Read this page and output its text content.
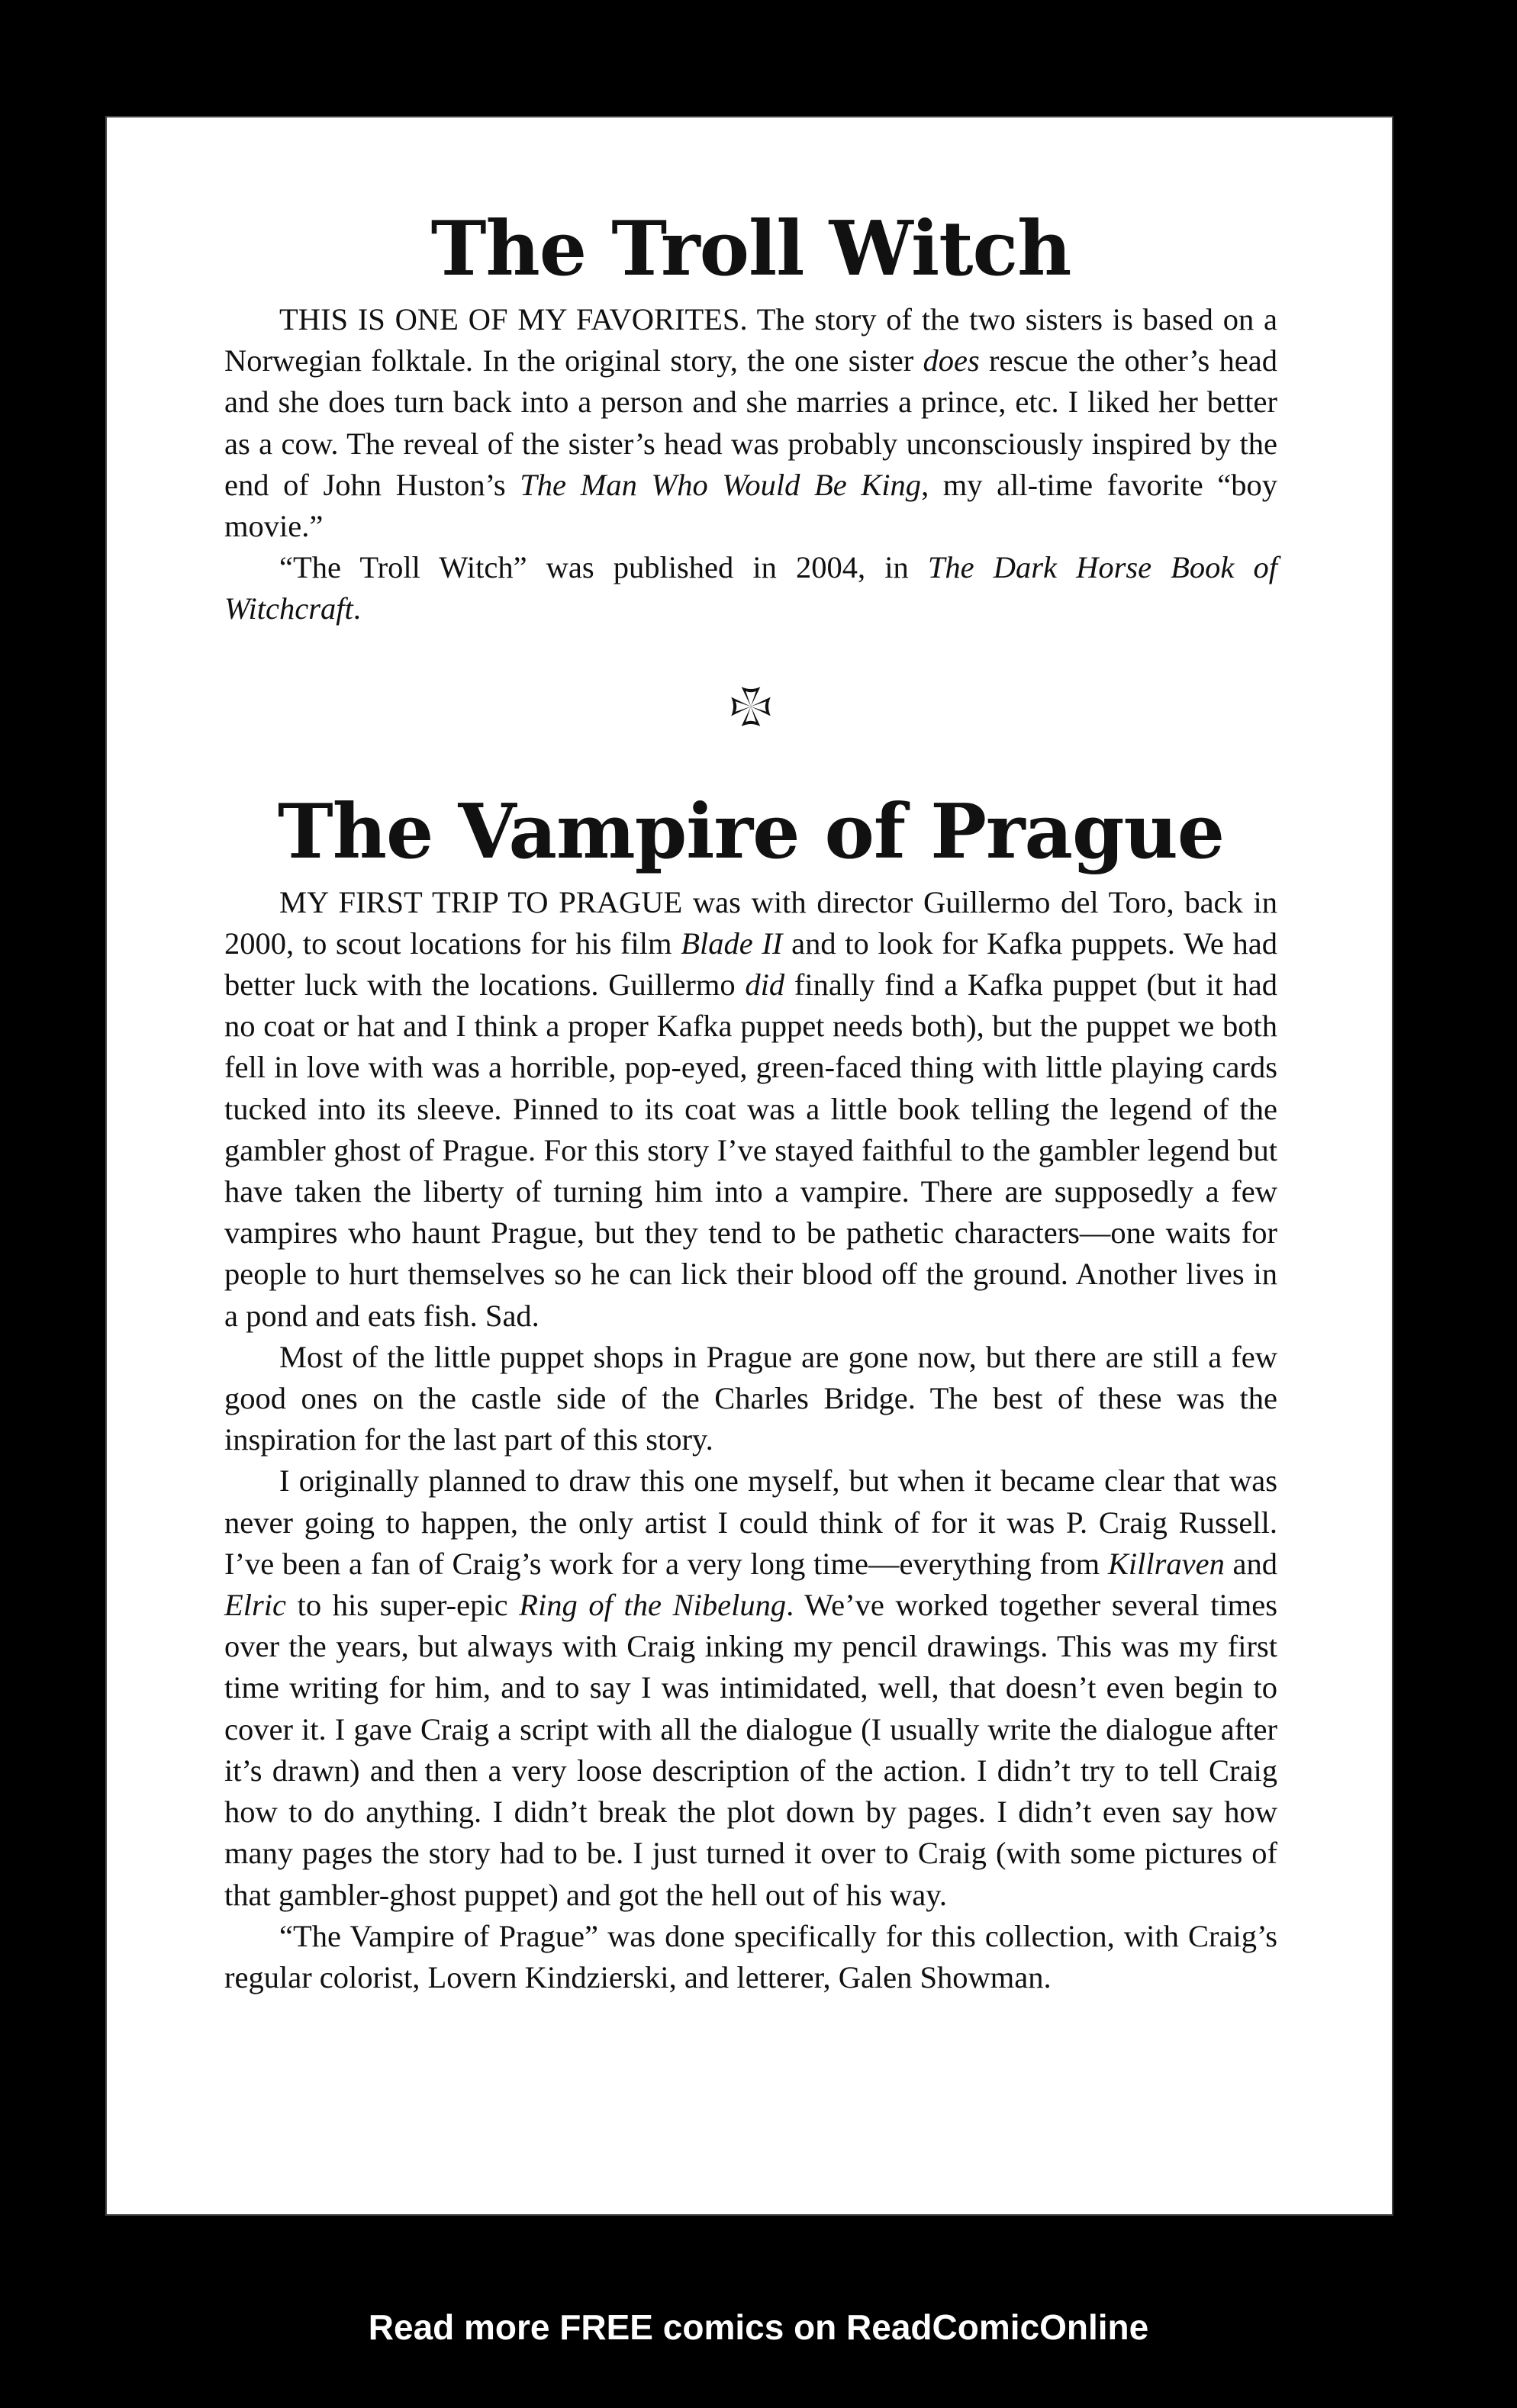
The Troll Witch

THIS IS ONE OF MY FAVORITES. The story of the two sisters is based on a Norwegian folktale. In the original story, the one sister does rescue the other’s head and she does turn back into a person and she marries a prince, etc. I liked her better as a cow. The reveal of the sister’s head was probably unconsciously inspired by the end of John Huston’s The Man Who Would Be King, my all-time favorite “boy movie.”

“The Troll Witch” was published in 2004, in The Dark Horse Book of Witchcraft.

The Vampire of Prague

MY FIRST TRIP TO PRAGUE was with director Guillermo del Toro, back in 2000, to scout locations for his film Blade II and to look for Kafka puppets. We had better luck with the locations. Guillermo did finally find a Kafka puppet (but it had no coat or hat and I think a proper Kafka puppet needs both), but the puppet we both fell in love with was a horrible, pop-eyed, green-faced thing with little playing cards tucked into its sleeve. Pinned to its coat was a little book telling the legend of the gambler ghost of Prague. For this story I’ve stayed faithful to the gambler legend but have taken the liberty of turning him into a vampire. There are supposedly a few vampires who haunt Prague, but they tend to be pathetic characters—one waits for people to hurt themselves so he can lick their blood off the ground. Another lives in a pond and eats fish. Sad.

Most of the little puppet shops in Prague are gone now, but there are still a few good ones on the castle side of the Charles Bridge. The best of these was the inspiration for the last part of this story.

I originally planned to draw this one myself, but when it became clear that was never going to happen, the only artist I could think of for it was P. Craig Russell. I’ve been a fan of Craig’s work for a very long time—everything from Killraven and Elric to his super-epic Ring of the Nibelung. We’ve worked together several times over the years, but always with Craig inking my pencil drawings. This was my first time writing for him, and to say I was intimidated, well, that doesn’t even begin to cover it. I gave Craig a script with all the dialogue (I usually write the dialogue after it’s drawn) and then a very loose description of the action. I didn’t try to tell Craig how to do anything. I didn’t break the plot down by pages. I didn’t even say how many pages the story had to be. I just turned it over to Craig (with some pictures of that gambler-ghost puppet) and got the hell out of his way.

“The Vampire of Prague” was done specifically for this collection, with Craig’s regular colorist, Lovern Kindzierski, and letterer, Galen Showman.

Read more FREE comics on ReadComicOnline
